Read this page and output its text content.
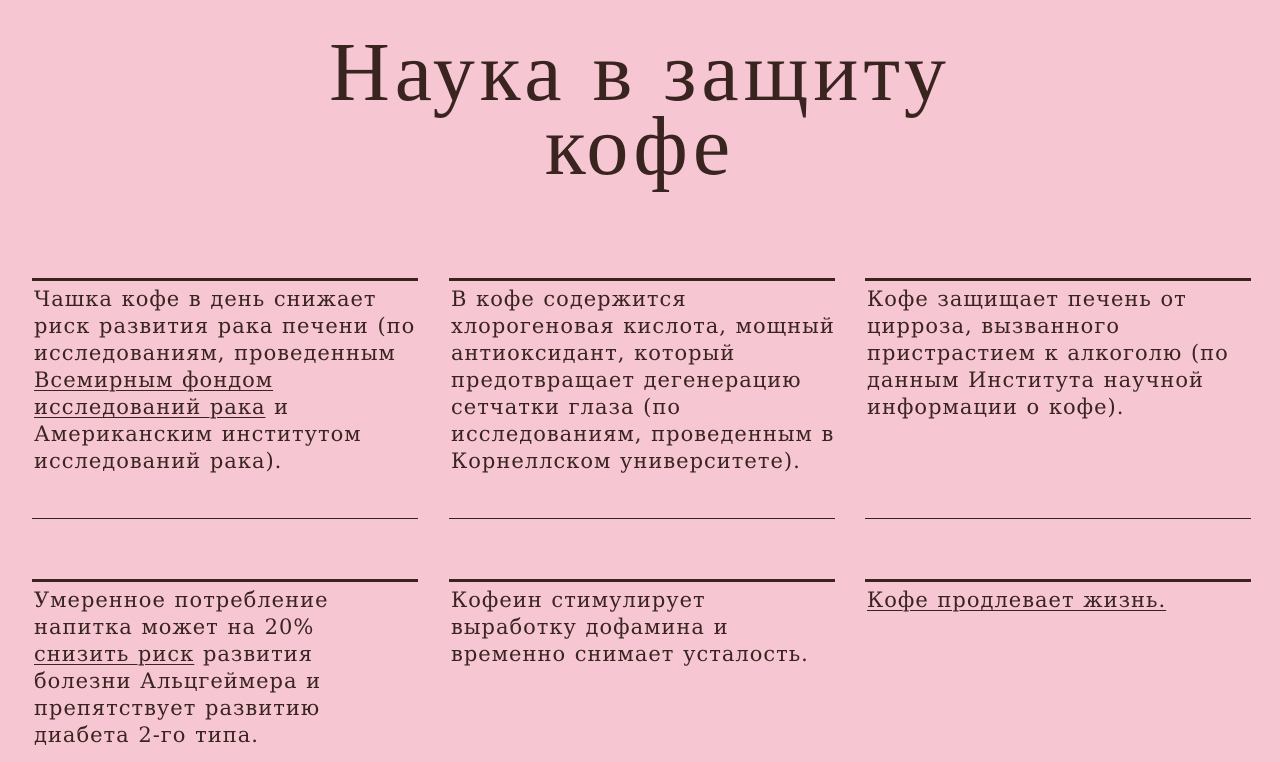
Наука в защиту
кофе
Чашка кофе в день снижает риск развития рака печени (по исследованиям, проведенным Всемирным фондом исследований рака и Американским институтом исследований рака).
В кофе содержится хлорогеновая кислота, мощный антиоксидант, который предотвращает дегенерацию сетчатки глаза (по исследованиям, проведенным в Корнеллском университете).
Кофе защищает печень от цирроза, вызванного пристрастием к алкоголю (по данным Института научной информации о кофе).
Умеренное потребление напитка может на 20% снизить риск развития болезни Альцгеймера и препятствует развитию диабета 2-го типа.
Кофеин стимулирует выработку дофамина и временно снимает усталость.
Кофе продлевает жизнь.
